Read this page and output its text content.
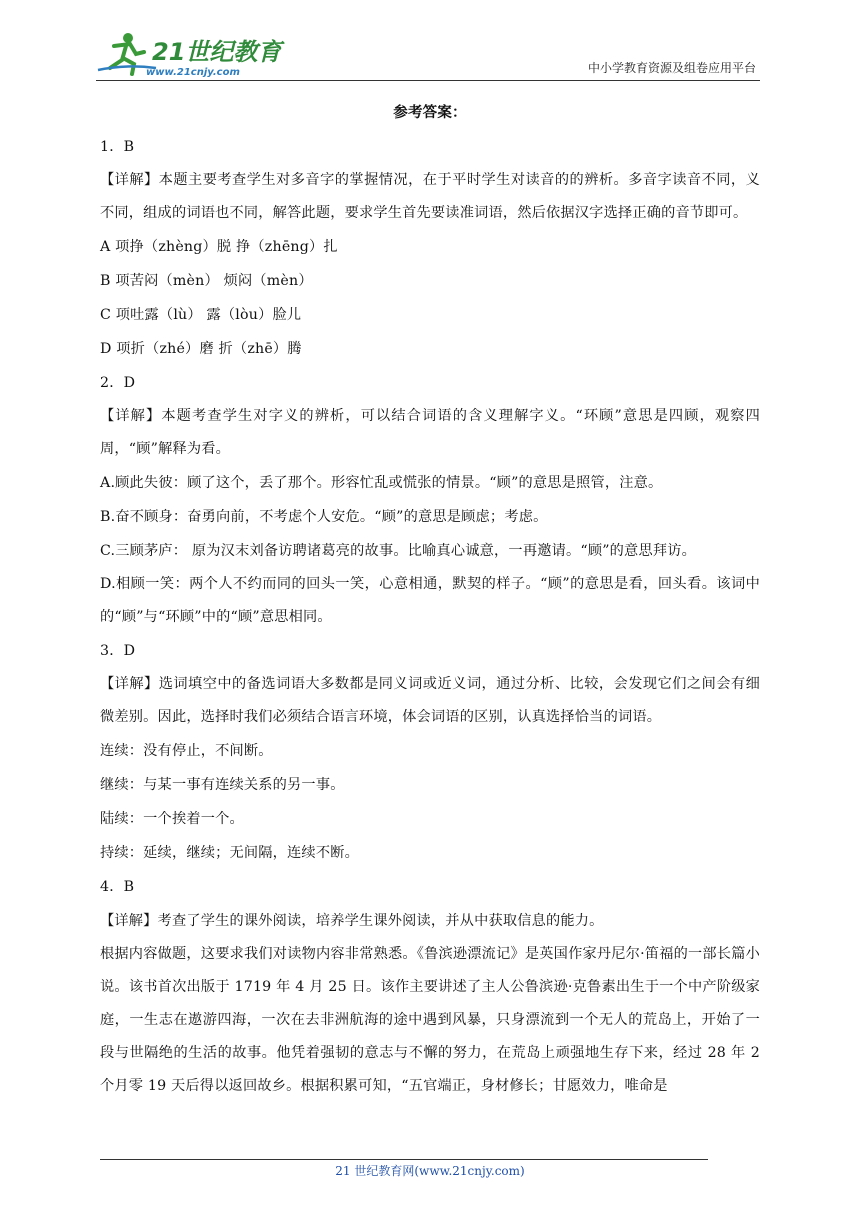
21世纪教育
www.21cnjy.com	中小学教育资源及组卷应用平台
参考答案：

1．B

【详解】本题主要考查学生对多音字的掌握情况，在于平时学生对读音的的辨析。多音字读音不同，义不同，组成的词语也不同，解答此题，要求学生首先要读准词语，然后依据汉字选择正确的音节即可。

A 项挣（zhèng）脱 挣（zhēng）扎

B 项苦闷（mèn） 烦闷（mèn）

C 项吐露（lù） 露（lòu）脸儿

D 项折（zhé）磨 折（zhē）腾

2．D

【详解】本题考查学生对字义的辨析，可以结合词语的含义理解字义。“环顾”意思是四顾，观察四周，“顾”解释为看。

A.顾此失彼：顾了这个，丢了那个。形容忙乱或慌张的情景。“顾”的意思是照管，注意。

B.奋不顾身：奋勇向前，不考虑个人安危。“顾”的意思是顾虑；考虑。

C.三顾茅庐： 原为汉末刘备访聘诸葛亮的故事。比喻真心诚意，一再邀请。“顾”的意思拜访。

D.相顾一笑：两个人不约而同的回头一笑，心意相通，默契的样子。“顾”的意思是看，回头看。该词中的“顾”与“环顾”中的“顾”意思相同。

3．D

【详解】选词填空中的备选词语大多数都是同义词或近义词，通过分析、比较，会发现它们之间会有细微差别。因此，选择时我们必须结合语言环境，体会词语的区别，认真选择恰当的词语。

连续：没有停止，不间断。

继续：与某一事有连续关系的另一事。

陆续：一个挨着一个。

持续：延续，继续；无间隔，连续不断。

4．B

【详解】考查了学生的课外阅读，培养学生课外阅读，并从中获取信息的能力。

根据内容做题，这要求我们对读物内容非常熟悉。《鲁滨逊漂流记》是英国作家丹尼尔·笛福的一部长篇小说。该书首次出版于 1719 年 4 月 25 日。该作主要讲述了主人公鲁滨逊·克鲁素出生于一个中产阶级家庭，一生志在遨游四海，一次在去非洲航海的途中遇到风暴，只身漂流到一个无人的荒岛上，开始了一段与世隔绝的生活的故事。他凭着强韧的意志与不懈的努力，在荒岛上顽强地生存下来，经过 28 年 2 个月零 19 天后得以返回故乡。根据积累可知，“五官端正，身材修长；甘愿效力，唯命是

21 世纪教育网(www.21cnjy.com)
